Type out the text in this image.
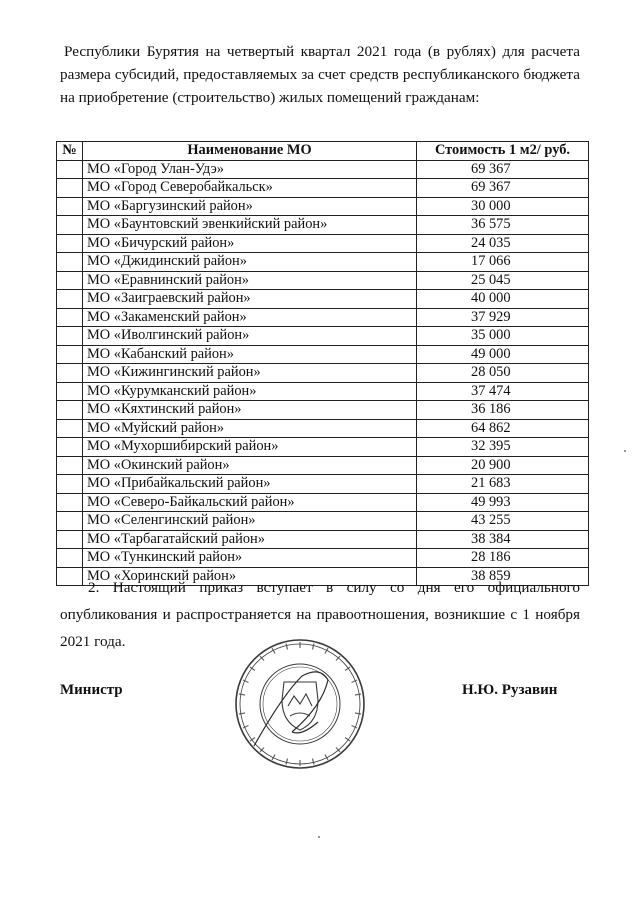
Республики Бурятия на четвертый квартал 2021 года (в рублях) для расчета размера субсидий, предоставляемых за счет средств республиканского бюджета на приобретение (строительство) жилых помещений гражданам:

№	Наименование МО	Стоимость 1 м2/ руб.
	МО «Город Улан-Удэ»	69 367
	МО «Город Северобайкальск»	69 367
	МО «Баргузинский район»	30 000
	МО «Баунтовский эвенкийский район»	36 575
	МО «Бичурский район»	24 035
	МО «Джидинский район»	17 066
	МО «Еравнинский район»	25 045
	МО «Заиграевский район»	40 000
	МО «Закаменский район»	37 929
	МО «Иволгинский район»	35 000
	МО «Кабанский район»	49 000
	МО «Кижингинский район»	28 050
	МО «Курумканский район»	37 474
	МО «Кяхтинский район»	36 186
	МО «Муйский район»	64 862
	МО «Мухоршибирский район»	32 395
	МО «Окинский район»	20 900
	МО «Прибайкальский район»	21 683
	МО «Северо-Байкальский район»	49 993
	МО «Селенгинский район»	43 255
	МО «Тарбагатайский район»	38 384
	МО «Тункинский район»	28 186
	МО «Хоринский район»	38 859

2. Настоящий приказ вступает в силу со дня его официального опубликования и распространяется на правоотношения, возникшие с 1 ноября 2021 года.

Министр	Н.Ю. Рузавин
